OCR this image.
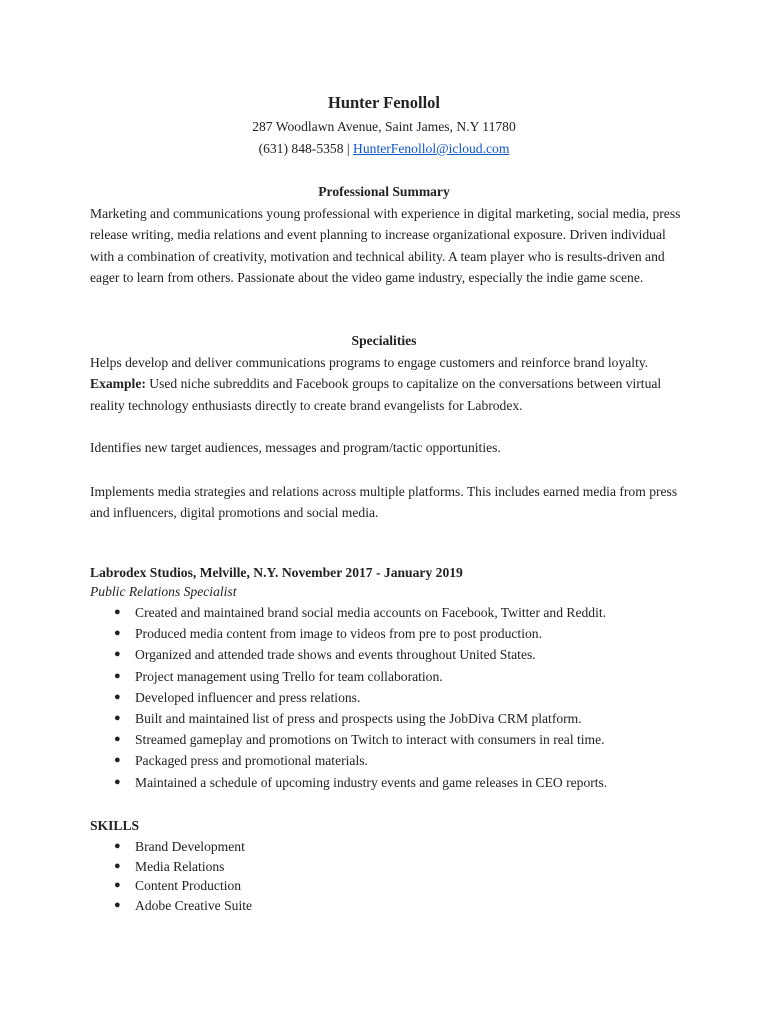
Hunter Fenollol
287 Woodlawn Avenue, Saint James, N.Y 11780
(631) 848-5358 | HunterFenollol@icloud.com
Professional Summary

Marketing and communications young professional with experience in digital marketing, social media, press release writing, media relations and event planning to increase organizational exposure. Driven individual with a combination of creativity, motivation and technical ability. A team player who is results-driven and eager to learn from others. Passionate about the video game industry, especially the indie game scene.

Specialities

Helps develop and deliver communications programs to engage customers and reinforce brand loyalty. Example: Used niche subreddits and Facebook groups to capitalize on the conversations between virtual reality technology enthusiasts directly to create brand evangelists for Labrodex.

Identifies new target audiences, messages and program/tactic opportunities.

Implements media strategies and relations across multiple platforms. This includes earned media from press and influencers, digital promotions and social media.

Labrodex Studios, Melville, N.Y. November 2017 - January 2019
Public Relations Specialist
● Created and maintained brand social media accounts on Facebook, Twitter and Reddit.
● Produced media content from image to videos from pre to post production.
● Organized and attended trade shows and events throughout United States.
● Project management using Trello for team collaboration.
● Developed influencer and press relations.
● Built and maintained list of press and prospects using the JobDiva CRM platform.
● Streamed gameplay and promotions on Twitch to interact with consumers in real time.
● Packaged press and promotional materials.
● Maintained a schedule of upcoming industry events and game releases in CEO reports.
SKILLS
● Brand Development
● Media Relations
● Content Production
● Adobe Creative Suite
